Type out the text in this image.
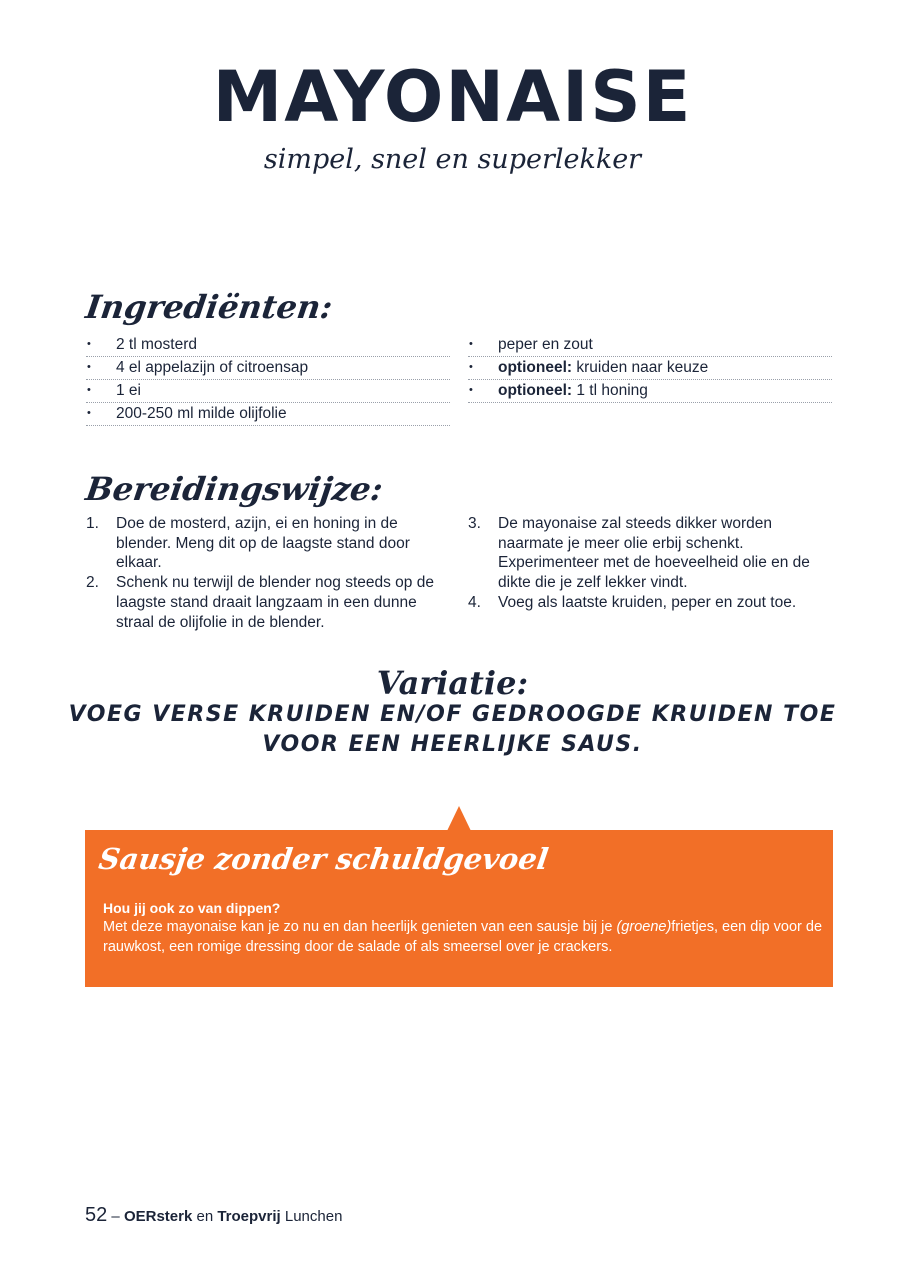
MAYONAISE

simpel, snel en superlekker

Ingrediënten:
• 2 tl mosterd
• 4 el appelazijn of citroensap
• 1 ei
• 200-250 ml milde olijfolie
• peper en zout
• optioneel: kruiden naar keuze
• optioneel: 1 tl honing
Bereidingswijze:
1. Doe de mosterd, azijn, ei en honing in de blender. Meng dit op de laagste stand door elkaar.
2. Schenk nu terwijl de blender nog steeds op de laagste stand draait langzaam in een dunne straal de olijfolie in de blender.
3. De mayonaise zal steeds dikker worden naarmate je meer olie erbij schenkt. Experimenteer met de hoeveelheid olie en de dikte die je zelf lekker vindt.
4. Voeg als laatste kruiden, peper en zout toe.
Variatie:

VOEG VERSE KRUIDEN EN/OF GEDROOGDE KRUIDEN TOE VOOR EEN HEERLIJKE SAUS.

Sausje zonder schuldgevoel

Hou jij ook zo van dippen?

Met deze mayonaise kan je zo nu en dan heerlijk genieten van een sausje bij je (groene)frietjes, een dip voor de rauwkost, een romige dressing door de salade of als smeersel over je crackers.

52 – OERsterk en Troepvrij Lunchen
